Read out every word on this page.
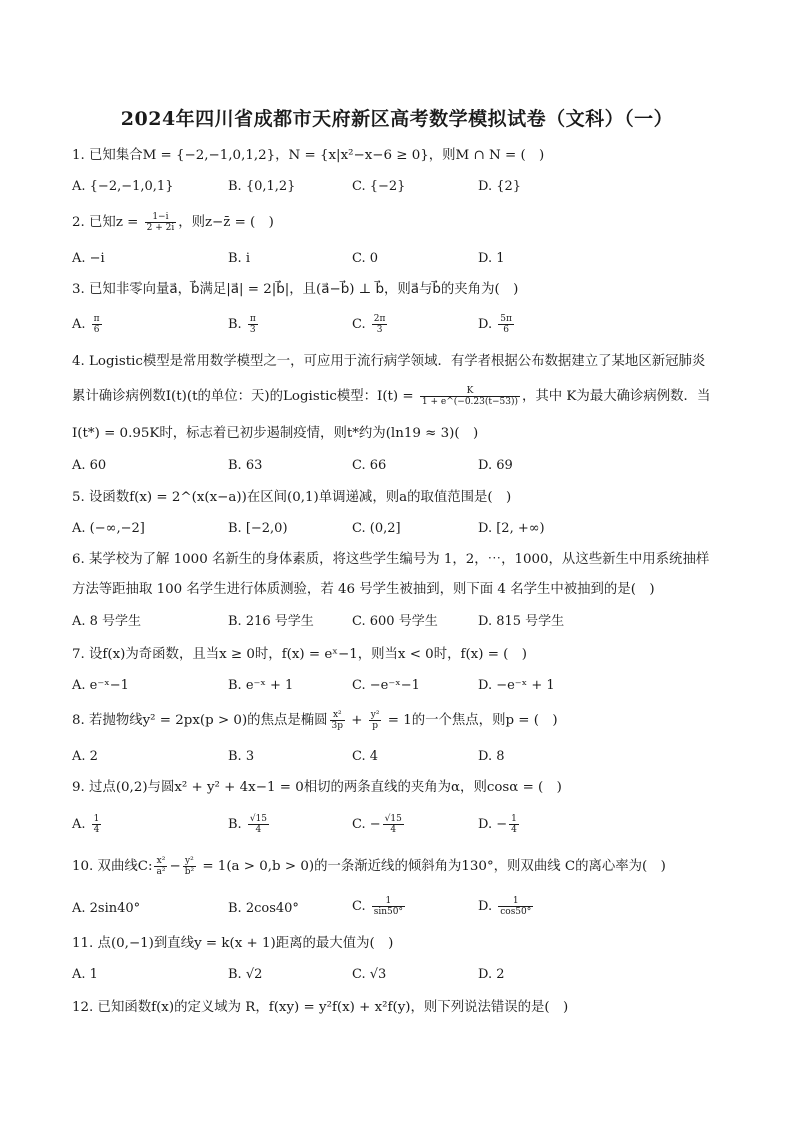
2024年四川省成都市天府新区高考数学模拟试卷（文科）（一）
1. 已知集合M = {−2,−1,0,1,2}，N = {x|x²−x−6 ≥ 0}，则M ∩ N = (　)
A. {−2,−1,0,1}	B. {0,1,2}	C. {−2}	D. {2}
2. 已知$z = \frac{1-i}{2 + 2i}$ ，则z−z̄ = (　)
A. −i	B. i	C. 0	D. 1
3. 已知非零向量a⃗，b⃗满足|a⃗| = 2|b⃗|，且(a⃗−b⃗) ⊥ b⃗，则a⃗与b⃗的夹角为(　)
A. $\frac{\pi}{6}$	B. $\frac{\pi}{3}$	C. $\frac{2\pi}{3}$	D. $\frac{5\pi}{6}$
4. Logistic模型是常用数学模型之一，可应用于流行病学领域．有学者根据公布数据建立了某地区新冠肺炎
累计确诊病例数I(t)(t的单位：天)的Logistic模型：$I(t) = \frac{K}{1 + e\^{}(-0.23(t-53))}$ ，其中 K为最大确诊病例数．当
I(t*) = 0.95K时，标志着已初步遏制疫情，则t*约为(ln19 ≈ 3)(　)
A. 60	B. 63	C. 66	D. 69
5. 设函数f(x) = 2^(x(x−a))在区间(0,1)单调递减，则a的取值范围是(　)
A. (−∞,−2]	B. [−2,0)	C. (0,2]	D. [2, +∞)
6. 某学校为了解 1000 名新生的身体素质，将这些学生编号为 1，2，⋯，1000，从这些新生中用系统抽样
方法等距抽取 100 名学生进行体质测验，若 46 号学生被抽到，则下面 4 名学生中被抽到的是(　)
A. 8 号学生	B. 216 号学生	C. 600 号学生	D. 815 号学生
7. 设f(x)为奇函数，且当x ≥ 0时，f(x) = eˣ−1，则当x < 0时，f(x) = (　)
A. e⁻ˣ−1	B. e⁻ˣ + 1	C. −e⁻ˣ−1	D. −e⁻ˣ + 1
8. 若抛物线y² = 2px(p > 0)的焦点是椭圆 $\frac{\text{x²}}{3p} + \frac{\text{y²}}{p} = 1$的一个焦点，则p = (　)
A. 2	B. 3	C. 4	D. 8
9. 过点(0,2)与圆x² + y² + 4x−1 = 0相切的两条直线的夹角为α，则cosα = (　)
A. $\frac{1}{4}$	B. $\frac{√15}{4}$	C. − $\frac{√15}{4}$	D. − $\frac{1}{4}$
10. 双曲线C: $\frac{\text{x²}}{\text{a²}} - \frac{\text{y²}}{\text{b²}} = 1(a > 0,b > 0)$的一条渐近线的倾斜角为130°，则双曲线 C的离心率为(　)
A. 2sin40°	B. 2cos40°	C. $\frac{1}{\sin 50^\circ}$	D. $\frac{1}{\cos 50^\circ}$
11. 点(0,−1)到直线y = k(x + 1)距离的最大值为(　)
A. 1	B. √2	C. √3	D. 2
12. 已知函数f(x)的定义域为 R，f(xy) = y²f(x) + x²f(y)，则下列说法错误的是(　)
